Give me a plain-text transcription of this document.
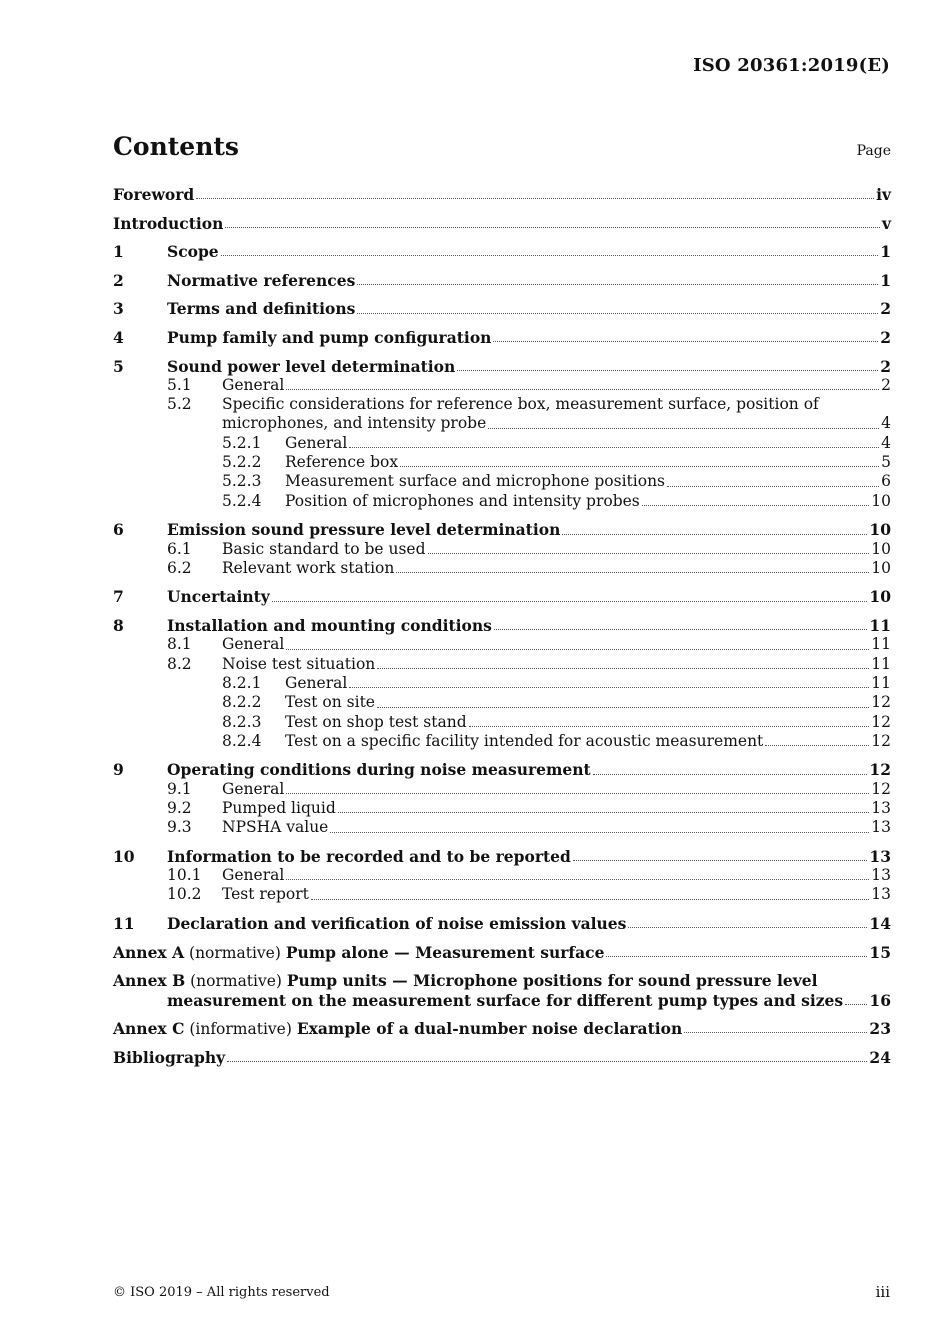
ISO 20361:2019(E)
Contents	Page
Foreword	iv
Introduction	v
1	Scope	1
2	Normative references	1
3	Terms and definitions	2
4	Pump family and pump configuration	2
5	Sound power level determination	2
5.1	General	2
5.2	Specific considerations for reference box, measurement surface, position of
microphones, and intensity probe	4
5.2.1	General	4
5.2.2	Reference box	5
5.2.3	Measurement surface and microphone positions	6
5.2.4	Position of microphones and intensity probes	10
6	Emission sound pressure level determination	10
6.1	Basic standard to be used	10
6.2	Relevant work station	10
7	Uncertainty	10
8	Installation and mounting conditions	11
8.1	General	11
8.2	Noise test situation	11
8.2.1	General	11
8.2.2	Test on site	12
8.2.3	Test on shop test stand	12
8.2.4	Test on a specific facility intended for acoustic measurement	12
9	Operating conditions during noise measurement	12
9.1	General	12
9.2	Pumped liquid	13
9.3	NPSHA value	13
10	Information to be recorded and to be reported	13
10.1	General	13
10.2	Test report	13
11	Declaration and verification of noise emission values	14
Annex A (normative) Pump alone — Measurement surface	15
Annex B (normative) Pump units — Microphone positions for sound pressure level
measurement on the measurement surface for different pump types and sizes 16
Annex C (informative) Example of a dual-number noise declaration	23
Bibliography	24
© ISO 2019 – All rights reserved	iii
